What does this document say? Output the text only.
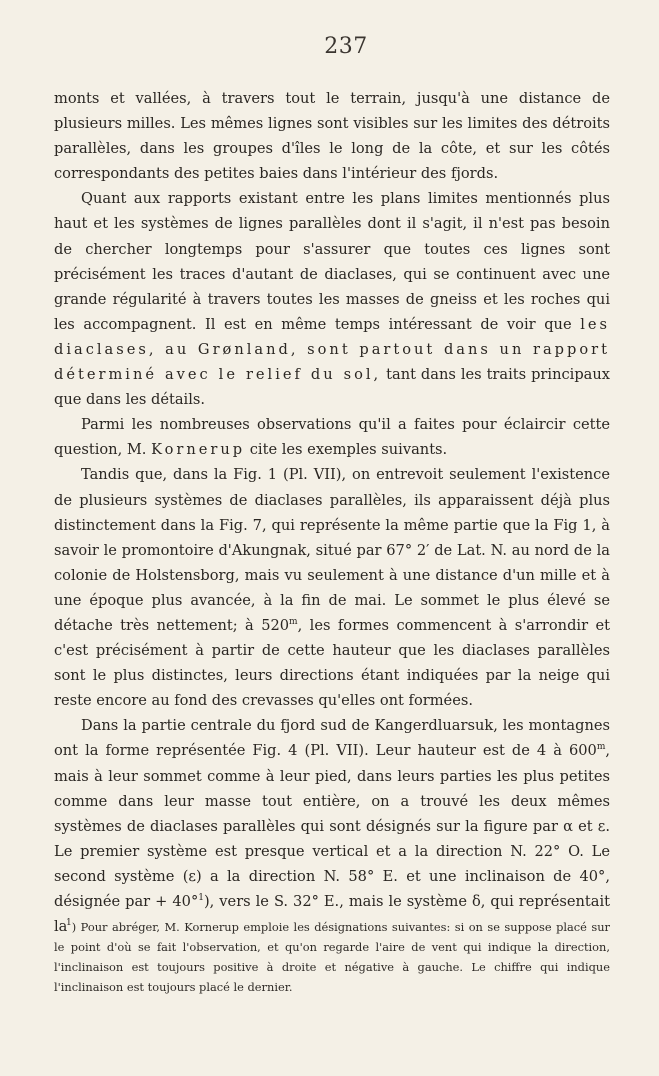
237

monts et vallées, à travers tout le terrain, jusqu'à une distance de plusieurs milles. Les mêmes lignes sont visibles sur les limites des détroits parallèles, dans les groupes d'îles le long de la côte, et sur les côtés correspondants des petites baies dans l'intérieur des fjords.

Quant aux rapports existant entre les plans limites mentionnés plus haut et les systèmes de lignes parallèles dont il s'agit, il n'est pas besoin de chercher longtemps pour s'assurer que toutes ces lignes sont précisément les traces d'autant de diaclases, qui se continuent avec une grande régularité à travers toutes les masses de gneiss et les roches qui les accompagnent. Il est en même temps intéressant de voir que les diaclases, au Grønland, sont partout dans un rapport déterminé avec le relief du sol, tant dans les traits principaux que dans les détails.

Parmi les nombreuses observations qu'il a faites pour éclaircir cette question, M. Kornerup cite les exemples suivants.

Tandis que, dans la Fig. 1 (Pl. VII), on entrevoit seulement l'existence de plusieurs systèmes de diaclases parallèles, ils apparaissent déjà plus distinctement dans la Fig. 7, qui représente la même partie que la Fig 1, à savoir le promontoire d'Akungnak, situé par 67° 2′ de Lat. N. au nord de la colonie de Holstensborg, mais vu seulement à une distance d'un mille et à une époque plus avancée, à la fin de mai. Le sommet le plus élevé se détache très nettement; à 520$^m$, les formes commencent à s'arrondir et c'est précisément à partir de cette hauteur que les diaclases parallèles sont le plus distinctes, leurs directions étant indiquées par la neige qui reste encore au fond des crevasses qu'elles ont formées.

Dans la partie centrale du fjord sud de Kangerdluarsuk, les montagnes ont la forme représentée Fig. 4 (Pl. VII). Leur hauteur est de 4 à 600$^m$, mais à leur sommet comme à leur pied, dans leurs parties les plus petites comme dans leur masse tout entière, on a trouvé les deux mêmes systèmes de diaclases parallèles qui sont désignés sur la figure par α et ε. Le premier système est presque vertical et a la direction N. 22° O. Le second système (ε) a la direction N. 58° E. et une inclinaison de 40°, désignée par + 40°$^1$), vers le S. 32° E., mais le système δ, qui représentait la

$^1$) Pour abréger, M. Kornerup emploie les désignations suivantes: si on se suppose placé sur le point d'où se fait l'observation, et qu'on regarde l'aire de vent qui indique la direction, l'inclinaison est toujours positive à droite et négative à gauche. Le chiffre qui indique l'inclinaison est toujours placé le dernier.
